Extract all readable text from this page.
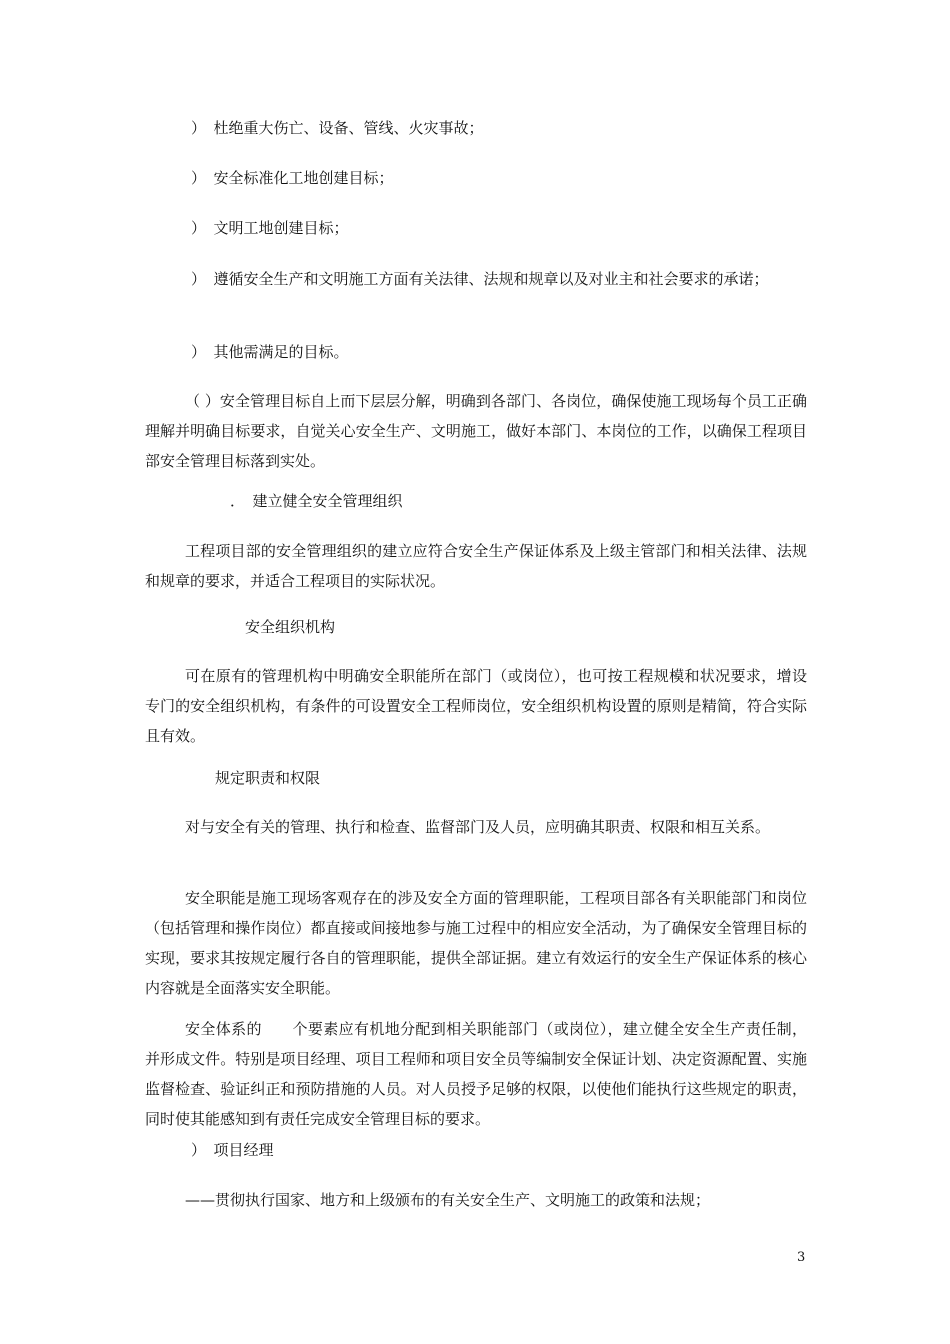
）　杜绝重大伤亡、设备、管线、火灾事故；
）　安全标准化工地创建目标；
）　文明工地创建目标；
）　遵循安全生产和文明施工方面有关法律、法规和规章以及对业主和社会要求的承诺；
）　其他需满足的目标。
（ ）安全管理目标自上而下层层分解，明确到各部门、各岗位，确保使施工现场每个员工正确理解并明确目标要求，自觉关心安全生产、文明施工，做好本部门、本岗位的工作，以确保工程项目部安全管理目标落到实处。
．　建立健全安全管理组织
工程项目部的安全管理组织的建立应符合安全生产保证体系及上级主管部门和相关法律、法规和规章的要求，并适合工程项目的实际状况。
安全组织机构
可在原有的管理机构中明确安全职能所在部门（或岗位），也可按工程规模和状况要求，增设专门的安全组织机构，有条件的可设置安全工程师岗位，安全组织机构设置的原则是精简，符合实际且有效。
规定职责和权限
对与安全有关的管理、执行和检查、监督部门及人员，应明确其职责、权限和相互关系。
安全职能是施工现场客观存在的涉及安全方面的管理职能，工程项目部各有关职能部门和岗位（包括管理和操作岗位）都直接或间接地参与施工过程中的相应安全活动，为了确保安全管理目标的实现，要求其按规定履行各自的管理职能，提供全部证据。建立有效运行的安全生产保证体系的核心内容就是全面落实安全职能。
安全体系的　　个要素应有机地分配到相关职能部门（或岗位），建立健全安全生产责任制，并形成文件。特别是项目经理、项目工程师和项目安全员等编制安全保证计划、决定资源配置、实施监督检查、验证纠正和预防措施的人员。对人员授予足够的权限，以使他们能执行这些规定的职责，同时使其能感知到有责任完成安全管理目标的要求。
）　项目经理
——贯彻执行国家、地方和上级颁布的有关安全生产、文明施工的政策和法规；
3
